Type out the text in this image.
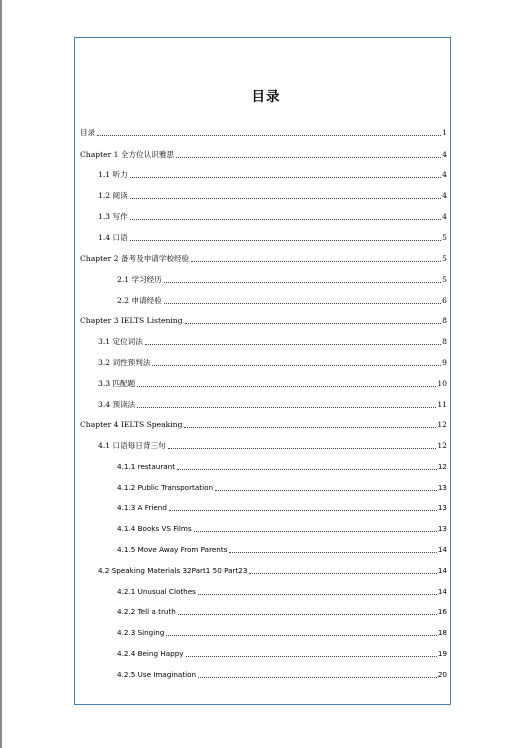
目录
目录	1
Chapter 1 全方位认识雅思	4
1.1 听力	4
1.2 阅读	4
1.3 写作	4
1.4 口语	5
Chapter 2 备考及申请学校经验	5
2.1 学习经历	5
2.2 申请经验	6
Chapter 3 IELTS Listening	8
3.1 定位词法	8
3.2 词性预判法	9
3.3 匹配题	10
3.4 预读法	11
Chapter 4 IELTS Speaking	12
4.1 口语每日背三句	12
4.1.1 restaurant	12
4.1.2 Public Transportation	13
4.1.3 A Friend	13
4.1.4 Books VS Films	13
4.1.5 Move Away From Parents	14
4.2 Speaking Materials 32Part1 50 Part23	14
4.2.1 Unusual Clothes	14
4.2.2 Tell a truth	16
4.2.3 Singing	18
4.2.4 Being Happy	19
4.2.5 Use Imagination	20
